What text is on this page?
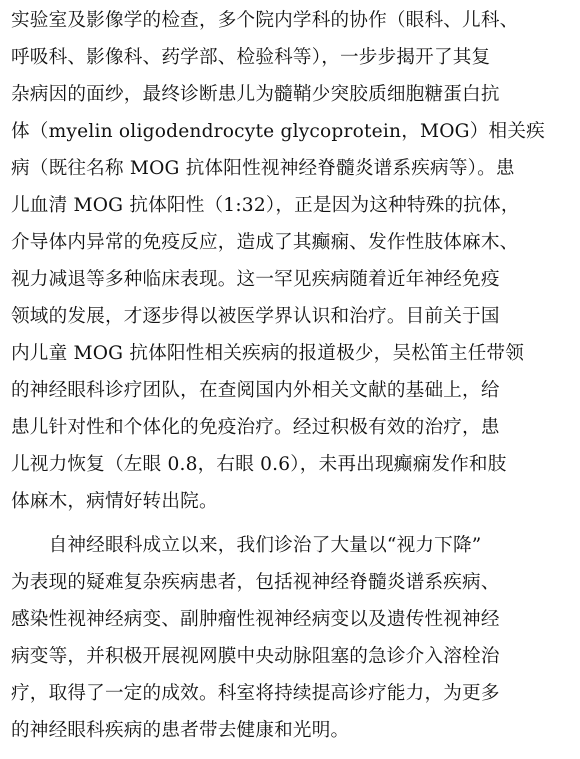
实验室及影像学的检查，多个院内学科的协作（眼科、儿科、
呼吸科、影像科、药学部、检验科等），一步步揭开了其复
杂病因的面纱，最终诊断患儿为髓鞘少突胶质细胞糖蛋白抗
体（myelin oligodendrocyte glycoprotein，MOG）相关疾
病（既往名称 MOG 抗体阳性视神经脊髓炎谱系疾病等）。患
儿血清 MOG 抗体阳性（1:32），正是因为这种特殊的抗体，
介导体内异常的免疫反应，造成了其癫痫、发作性肢体麻木、
视力减退等多种临床表现。这一罕见疾病随着近年神经免疫
领域的发展，才逐步得以被医学界认识和治疗。目前关于国
内儿童 MOG 抗体阳性相关疾病的报道极少，吴松笛主任带领
的神经眼科诊疗团队，在查阅国内外相关文献的基础上，给
患儿针对性和个体化的免疫治疗。经过积极有效的治疗，患
儿视力恢复（左眼 0.8，右眼 0.6），未再出现癫痫发作和肢
体麻木，病情好转出院。
　　自神经眼科成立以来，我们诊治了大量以“视力下降”
为表现的疑难复杂疾病患者，包括视神经脊髓炎谱系疾病、
感染性视神经病变、副肿瘤性视神经病变以及遗传性视神经
病变等，并积极开展视网膜中央动脉阻塞的急诊介入溶栓治
疗，取得了一定的成效。科室将持续提高诊疗能力，为更多
的神经眼科疾病的患者带去健康和光明。
